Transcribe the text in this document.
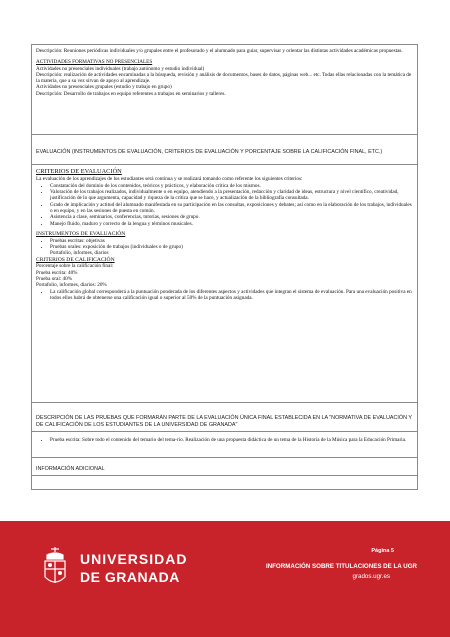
Descripción: Reuniones periódicas individuales y/o grupales entre el profesorado y el alumnado para guiar, supervisar y orientar las distintas actividades académicas propuestas.

ACTIVIDADES FORMATIVAS NO PRESENCIALES

Actividades no presenciales individuales (trabajo autónomo y estudio individual)

Descripción: realización de actividades encaminadas a la búsqueda, revisión y análisis de documentos, bases de datos, páginas web... etc. Todas ellas relacionadas con la temática de la materia, que a su vez sirvan de apoyo al aprendizaje.

Actividades no presenciales grupales (estudio y trabajo en grupo)

Descripción: Desarrollo de trabajos en equipo referentes a trabajos en seminarios y talleres.

EVALUACIÓN (INSTRUMENTOS DE EVALUACIÓN, CRITERIOS DE EVALUACIÓN Y PORCENTAJE SOBRE LA CALIFICACIÓN FINAL, ETC.)

CRITERIOS DE EVALUACIÓN

La evaluación de los aprendizajes de los estudiantes será continua y se realizará tomando como referente los siguientes criterios:

• Constatación del dominio de los contenidos, teóricos y prácticos, y elaboración crítica de los mismos.
• Valoración de los trabajos realizados, individualmente o en equipo, atendiendo a la presentación, redacción y claridad de ideas, estructura y nivel científico, creatividad, justificación de lo que argumenta, capacidad y riqueza de la crítica que se hace, y actualización de la bibliografía consultada.
• Grado de implicación y actitud del alumnado manifestada en su participación en las consultas, exposiciones y debates; así como en la elaboración de los trabajos, individuales o en equipo, y en las sesiones de puesta en común.
• Asistencia a clase, seminarios, conferencias, tutorías, sesiones de grupo.
• Manejo fluido, maduro y correcto de la lengua y términos musicales.

INSTRUMENTOS DE EVALUACIÓN

• Pruebas escritas: objetivas
• Pruebas orales: exposición de trabajos (individuales o de grupo)

Portafolio, informes, diarios

CRITERIOS DE CALIFICACIÓN

Porcentaje sobre la calificación final:

Prueba escrita: 40%

Prueba oral: 40%

Portafolio, informes, diarios: 20%

• La calificación global corresponderá a la puntuación ponderada de los diferentes aspectos y actividades que integran el sistema de evaluación. Para una evaluación positiva en todos ellos habrá de obtenerse una calificación igual o superior al 50% de la puntuación asignada.

DESCRIPCIÓN DE LAS PRUEBAS QUE FORMARÁN PARTE DE LA EVALUACIÓN ÚNICA FINAL ESTABLECIDA EN LA "NORMATIVA DE EVALUACIÓN Y DE CALIFICACIÓN DE LOS ESTUDIANTES DE LA UNIVERSIDAD DE GRANADA"

• Prueba escrita: Sobre todo el contenido del temario del tema-rio. Realización de una propuesta didáctica de un tema de la Historia de la Música para la Educación Primaria.

INFORMACIÓN ADICIONAL

UNIVERSIDAD
DE GRANADA
Página 5
INFORMACIÓN SOBRE TITULACIONES DE LA UGR
grados.ugr.es
